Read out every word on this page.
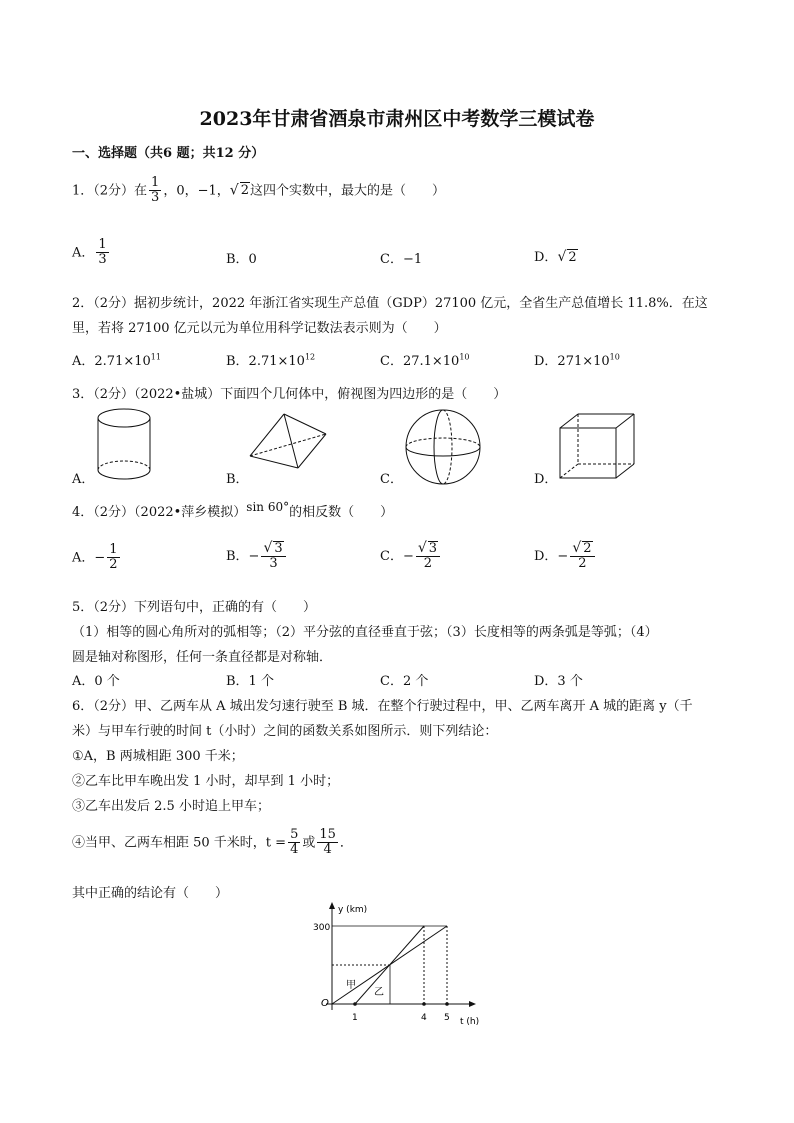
2023年甘肃省酒泉市肃州区中考数学三模试卷
一、选择题（共6 题；共12 分）
1．（2分）在 $\frac{1}{3}$ ，0，−1，√ 2这四个实数中，最大的是（　　）
A． $\frac{1}{3}$	B．0	C．−1	D．√ 2
2．（2分）据初步统计，2022 年浙江省实现生产总值（GDP）27100 亿元，全省生产总值增长 11.8%．在这
里，若将 27100 亿元以元为单位用科学记数法表示则为（　　）
A．$2.71\times 10^{11}$	B．$2.71\times 10^{12}$	C．$27.1\times 10^{10}$	D．$271\times 10^{10}$
3．（2分）（2022•盐城）下面四个几何体中，俯视图为四边形的是（　　）
A．	B．	C．	D．
4．（2分）（2022•萍乡模拟）sin 60°的相反数（　　）
A．− $\frac{1}{2}$	B．− $\frac{√ 3}{3}$	C．− $\frac{√ 3}{2}$	D．− $\frac{√ 2}{2}$
5．（2分）下列语句中，正确的有（　　）
（1）相等的圆心角所对的弧相等；（2）平分弦的直径垂直于弦；（3）长度相等的两条弧是等弧；（4）
圆是轴对称图形，任何一条直径都是对称轴．
A．0 个	B．1 个	C．2 个	D．3 个
6．（2分）甲、乙两车从 A 城出发匀速行驶至 B 城．在整个行驶过程中，甲、乙两车离开 A 城的距离 y（千
米）与甲车行驶的时间 t（小时）之间的函数关系如图所示．则下列结论：
①A，B 两城相距 300 千米；
②乙车比甲车晚出发 1 小时，却早到 1 小时；
③乙车出发后 2.5 小时追上甲车；
④当甲、乙两车相距 50 千米时，$t = \frac{5}{4}$ 或 $\frac{15}{4}$ ．
其中正确的结论有（　　）
y (km)
300
O
1	4 5 t (h)
甲
乙
